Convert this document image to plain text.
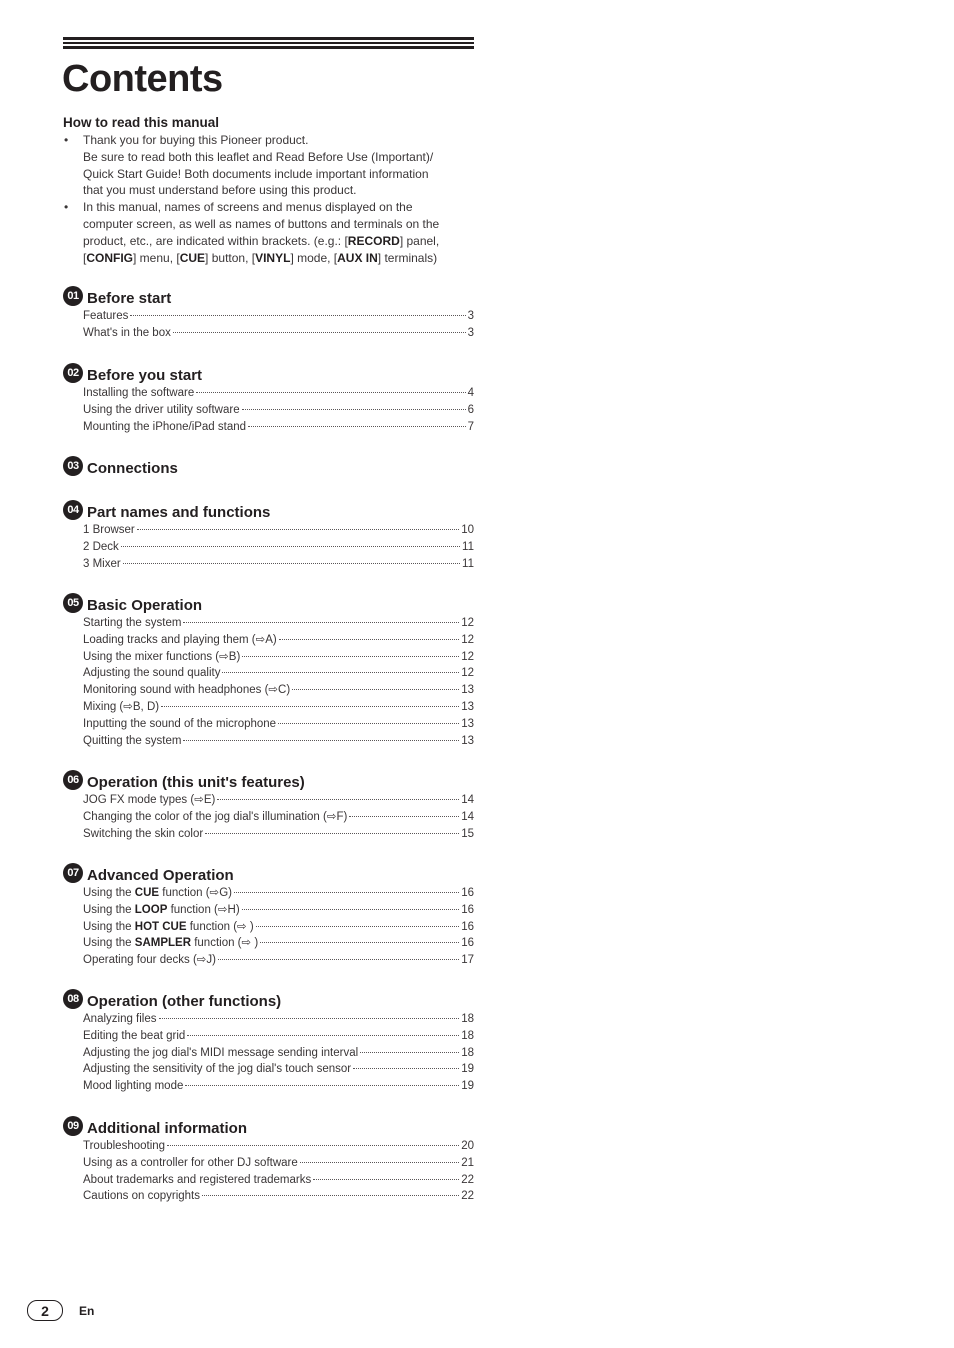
Contents
How to read this manual
• Thank you for buying this Pioneer product.
Be sure to read both this leaflet and Read Before Use (Important)/
Quick Start Guide! Both documents include important information
that you must understand before using this product.
• In this manual, names of screens and menus displayed on the
computer screen, as well as names of buttons and terminals on the
product, etc., are indicated within brackets. (e.g.: [RECORD] panel,
[CONFIG] menu, [CUE] button, [VINYL] mode, [AUX IN] terminals)
01 Before start
Features	3
What's in the box	3
02 Before you start
Installing the software	4
Using the driver utility software	6
Mounting the iPhone/iPad stand	7
03 Connections
04 Part names and functions
1 Browser	10
2 Deck	11
3 Mixer	11
05 Basic Operation
Starting the system	12
Loading tracks and playing them (⇨A)	12
Using the mixer functions (⇨B)	12
Adjusting the sound quality	12
Monitoring sound with headphones (⇨C)	13
Mixing (⇨B, D)	13
Inputting the sound of the microphone	13
Quitting the system	13
06 Operation (this unit's features)
JOG FX mode types (⇨E)	14
Changing the color of the jog dial's illumination (⇨F)	14
Switching the skin color	15
07 Advanced Operation
Using the CUE function (⇨G)	16
Using the LOOP function (⇨H)	16
Using the HOT CUE function (⇨ )	16
Using the SAMPLER function (⇨ )	16
Operating four decks (⇨J)	17
08 Operation (other functions)
Analyzing files	18
Editing the beat grid	18
Adjusting the jog dial's MIDI message sending interval	18
Adjusting the sensitivity of the jog dial's touch sensor	19
Mood lighting mode	19
09 Additional information
Troubleshooting	20
Using as a controller for other DJ software	21
About trademarks and registered trademarks	22
Cautions on copyrights	22
2	En
